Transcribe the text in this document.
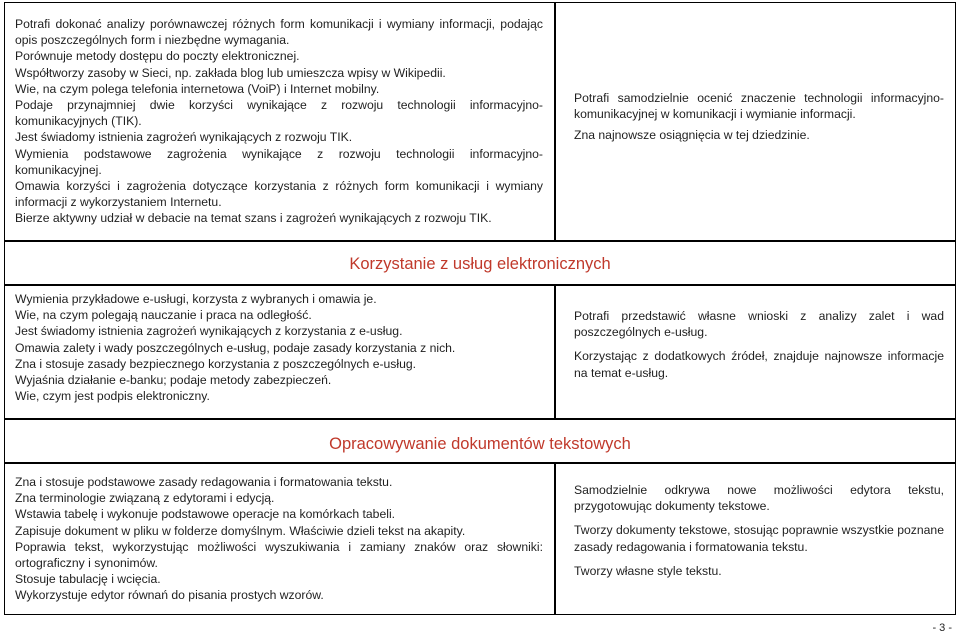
Potrafi dokonać analizy porównawczej różnych form komunikacji i wymiany informacji, podając opis poszczególnych form i niezbędne wymagania.

Porównuje metody dostępu do poczty elektronicznej.

Współtworzy zasoby w Sieci, np. zakłada blog lub umieszcza wpisy w Wikipedii.

Wie, na czym polega telefonia internetowa (VoiP) i Internet mobilny.

Podaje przynajmniej dwie korzyści wynikające z rozwoju technologii informacyjno-komunikacyjnych (TIK).

Jest świadomy istnienia zagrożeń wynikających z rozwoju TIK.

Wymienia podstawowe zagrożenia wynikające z rozwoju technologii informacyjno-komunikacyjnej.

Omawia korzyści i zagrożenia dotyczące korzystania z różnych form komunikacji i wymiany informacji z wykorzystaniem Internetu.

Bierze aktywny udział w debacie na temat szans i zagrożeń wynikających z rozwoju TIK.

Potrafi samodzielnie ocenić znaczenie technologii informacyjno-komunikacyjnej w komunikacji i wymianie informacji.

Zna najnowsze osiągnięcia w tej dziedzinie.

Korzystanie z usług elektronicznych

Wymienia przykładowe e-usługi, korzysta z wybranych i omawia je.

Wie, na czym polegają nauczanie i praca na odległość.

Jest świadomy istnienia zagrożeń wynikających z korzystania z e-usług.

Omawia zalety i wady poszczególnych e-usług, podaje zasady korzystania z nich.

Zna i stosuje zasady bezpiecznego korzystania z poszczególnych e-usług.

Wyjaśnia działanie e-banku; podaje metody zabezpieczeń.

Wie, czym jest podpis elektroniczny.

Potrafi przedstawić własne wnioski z analizy zalet i wad poszczególnych e-usług.

Korzystając z dodatkowych źródeł, znajduje najnowsze informacje na temat e-usług.

Opracowywanie dokumentów tekstowych

Zna i stosuje podstawowe zasady redagowania i formatowania tekstu.

Zna terminologie związaną z edytorami i edycją.

Wstawia tabelę i wykonuje podstawowe operacje na komórkach tabeli.

Zapisuje dokument w pliku w folderze domyślnym. Właściwie dzieli tekst na akapity.

Poprawia tekst, wykorzystując możliwości wyszukiwania i zamiany znaków oraz słowniki: ortograficzny i synonimów.

Stosuje tabulację i wcięcia.

Wykorzystuje edytor równań do pisania prostych wzorów.

Samodzielnie odkrywa nowe możliwości edytora tekstu, przygotowując dokumenty tekstowe.

Tworzy dokumenty tekstowe, stosując poprawnie wszystkie poznane zasady redagowania i formatowania tekstu.

Tworzy własne style tekstu.

- 3 -
